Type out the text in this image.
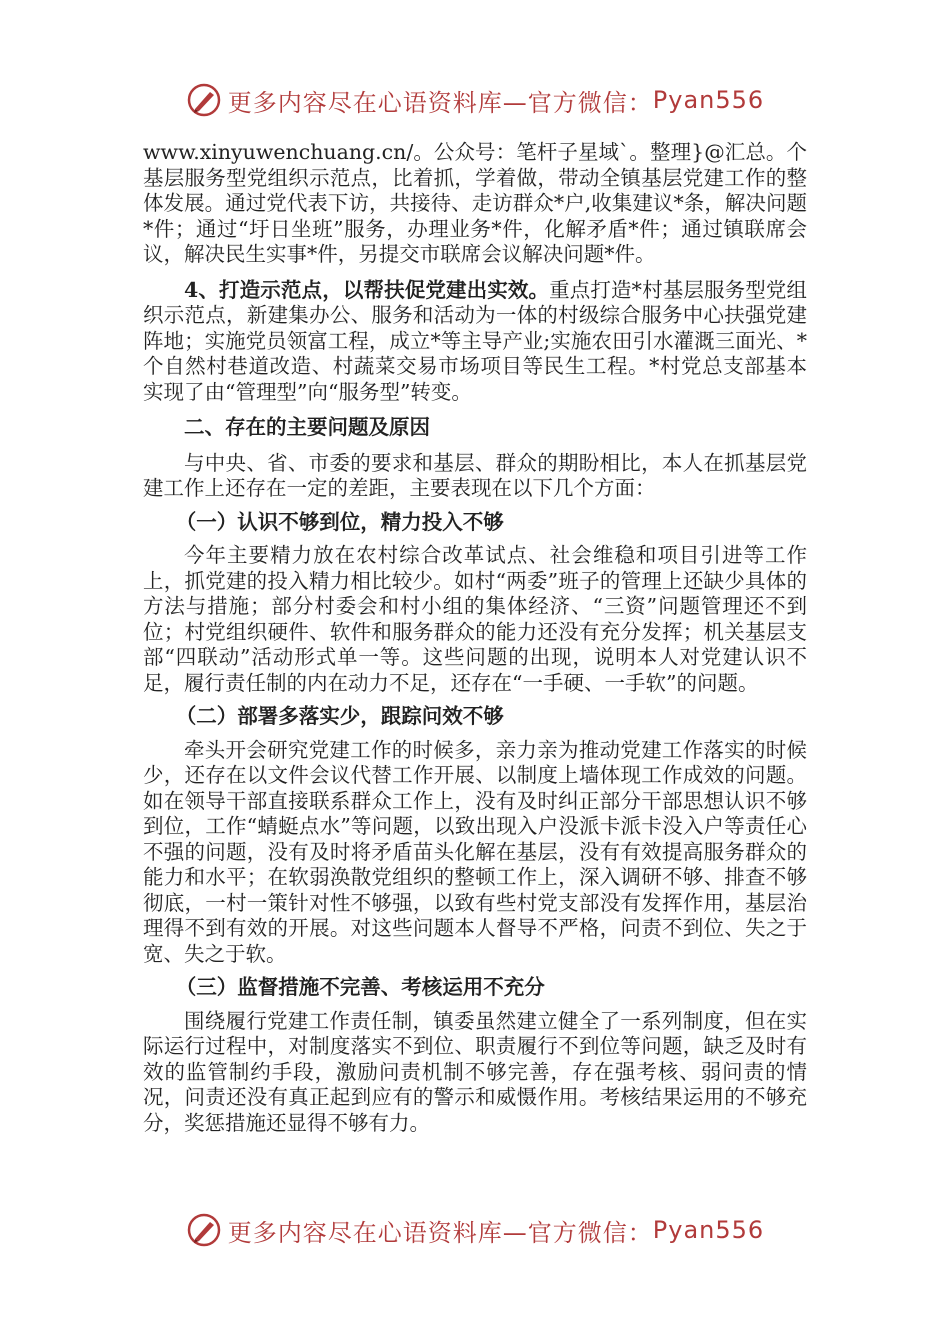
更多内容尽在心语资料库—官方微信： Pyan556

www.xinyuwenchuang.cn/。公众号：笔杆子星域`。整理}@汇总。个基层服务型党组织示范点，比着抓，学着做，带动全镇基层党建工作的整体发展。通过党代表下访，共接待、走访群众*户,收集建议*条，解决问题*件；通过“圩日坐班”服务，办理业务*件，化解矛盾*件；通过镇联席会议，解决民生实事*件，另提交市联席会议解决问题*件。

4、打造示范点，以帮扶促党建出实效。重点打造*村基层服务型党组织示范点，新建集办公、服务和活动为一体的村级综合服务中心扶强党建阵地；实施党员领富工程，成立*等主导产业;实施农田引水灌溉三面光、*个自然村巷道改造、村蔬菜交易市场项目等民生工程。*村党总支部基本实现了由“管理型”向“服务型”转变。

二、存在的主要问题及原因

与中央、省、市委的要求和基层、群众的期盼相比，本人在抓基层党建工作上还存在一定的差距，主要表现在以下几个方面：

（一）认识不够到位，精力投入不够

今年主要精力放在农村综合改革试点、社会维稳和项目引进等工作上，抓党建的投入精力相比较少。如村“两委”班子的管理上还缺少具体的方法与措施；部分村委会和村小组的集体经济、“三资”问题管理还不到位；村党组织硬件、软件和服务群众的能力还没有充分发挥；机关基层支部“四联动”活动形式单一等。这些问题的出现，说明本人对党建认识不足，履行责任制的内在动力不足，还存在“一手硬、一手软”的问题。

（二）部署多落实少，跟踪问效不够

牵头开会研究党建工作的时候多，亲力亲为推动党建工作落实的时候少，还存在以文件会议代替工作开展、以制度上墙体现工作成效的问题。如在领导干部直接联系群众工作上，没有及时纠正部分干部思想认识不够到位，工作“蜻蜓点水”等问题，以致出现入户没派卡派卡没入户等责任心不强的问题，没有及时将矛盾苗头化解在基层，没有有效提高服务群众的能力和水平；在软弱涣散党组织的整顿工作上，深入调研不够、排查不够彻底，一村一策针对性不够强，以致有些村党支部没有发挥作用，基层治理得不到有效的开展。对这些问题本人督导不严格，问责不到位、失之于宽、失之于软。

（三）监督措施不完善、考核运用不充分

围绕履行党建工作责任制，镇委虽然建立健全了一系列制度，但在实际运行过程中，对制度落实不到位、职责履行不到位等问题，缺乏及时有效的监管制约手段，激励问责机制不够完善，存在强考核、弱问责的情况，问责还没有真正起到应有的警示和威慑作用。考核结果运用的不够充分，奖惩措施还显得不够有力。

更多内容尽在心语资料库—官方微信： Pyan556
